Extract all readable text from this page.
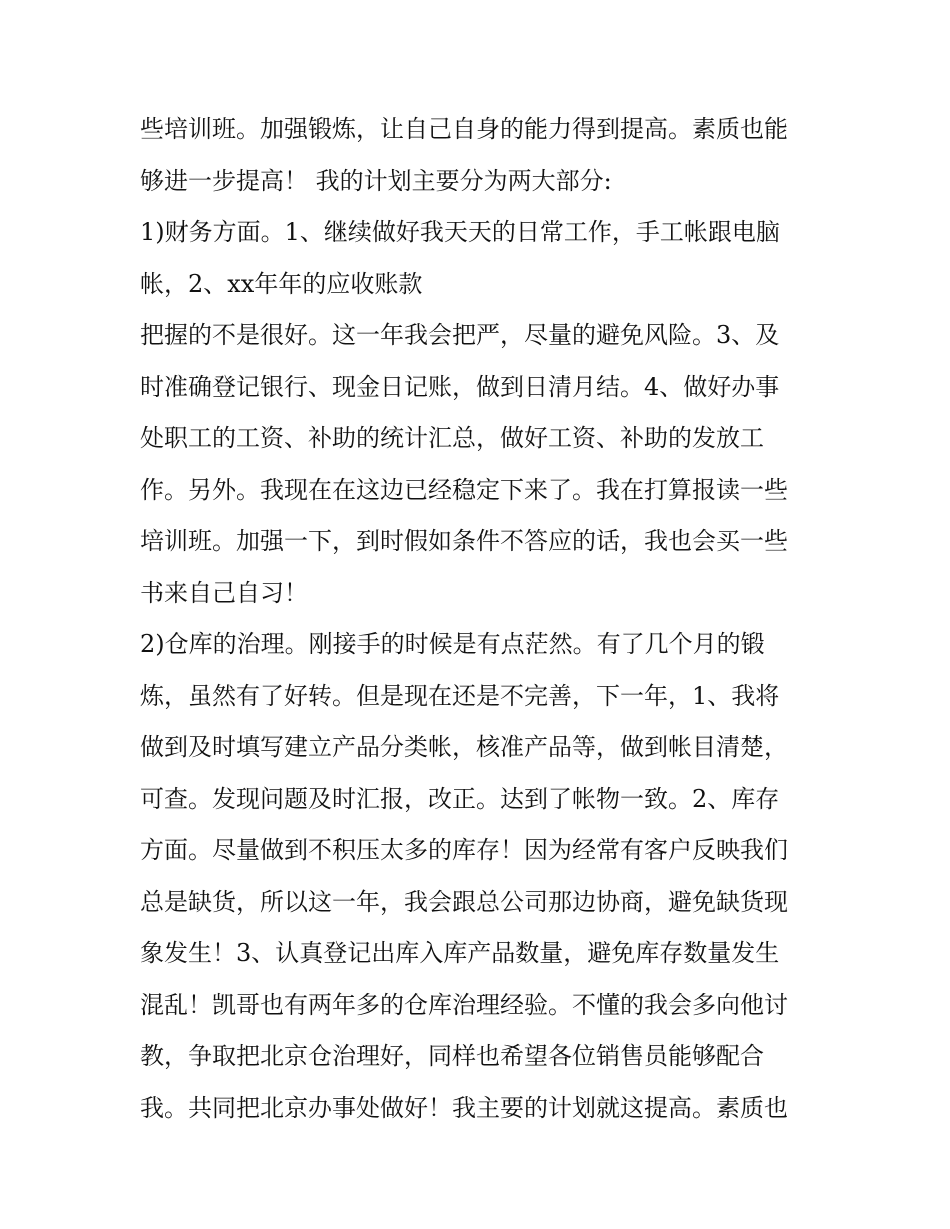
些培训班。加强锻炼，让自己自身的能力得到提高。素质也能
够进一步提高！ 我的计划主要分为两大部分:
1)财务方面。1、继续做好我天天的日常工作，手工帐跟电脑
帐，2、xx年年的应收账款
把握的不是很好。这一年我会把严，尽量的避免风险。3、及
时准确登记银行、现金日记账，做到日清月结。4、做好办事
处职工的工资、补助的统计汇总，做好工资、补助的发放工
作。另外。我现在在这边已经稳定下来了。我在打算报读一些
培训班。加强一下，到时假如条件不答应的话，我也会买一些
书来自己自习！
2)仓库的治理。刚接手的时候是有点茫然。有了几个月的锻
炼，虽然有了好转。但是现在还是不完善，下一年，1、我将
做到及时填写建立产品分类帐，核准产品等，做到帐目清楚，
可查。发现问题及时汇报，改正。达到了帐物一致。2、库存
方面。尽量做到不积压太多的库存！因为经常有客户反映我们
总是缺货，所以这一年，我会跟总公司那边协商，避免缺货现
象发生！3、认真登记出库入库产品数量，避免库存数量发生
混乱！凯哥也有两年多的仓库治理经验。不懂的我会多向他讨
教，争取把北京仓治理好，同样也希望各位销售员能够配合
我。共同把北京办事处做好！我主要的计划就这提高。素质也
